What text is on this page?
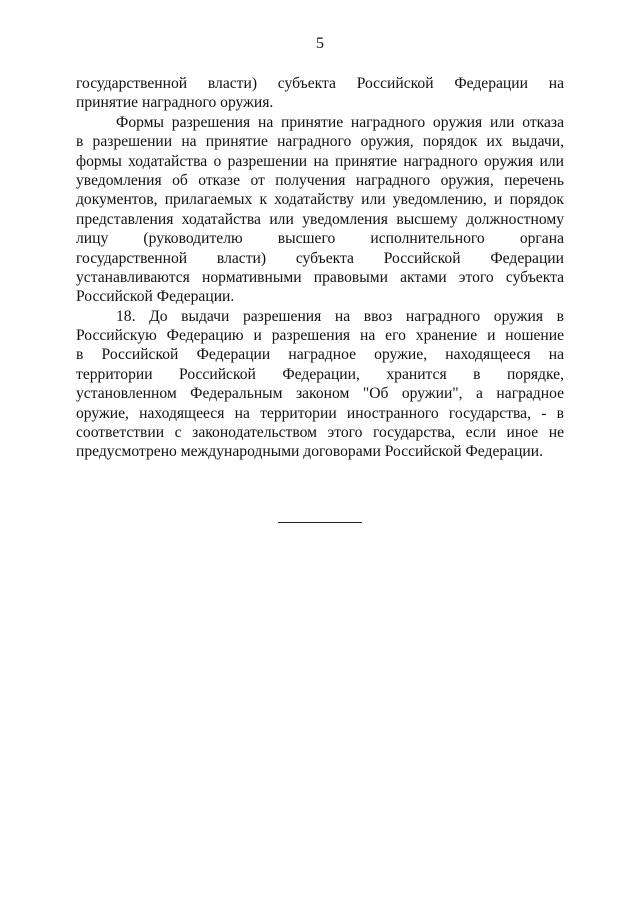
5
государственной власти) субъекта Российской Федерации на
принятие наградного оружия.
Формы разрешения на принятие наградного оружия или отказа
в разрешении на принятие наградного оружия, порядок их выдачи,
формы ходатайства о разрешении на принятие наградного оружия или
уведомления об отказе от получения наградного оружия, перечень
документов, прилагаемых к ходатайству или уведомлению, и порядок
представления ходатайства или уведомления высшему должностному
лицу (руководителю высшего исполнительного органа
государственной власти) субъекта Российской Федерации
устанавливаются нормативными правовыми актами этого субъекта
Российской Федерации.
18. До выдачи разрешения на ввоз наградного оружия в
Российскую Федерацию и разрешения на его хранение и ношение
в Российской Федерации наградное оружие, находящееся на
территории Российской Федерации, хранится в порядке,
установленном Федеральным законом "Об оружии", а наградное
оружие, находящееся на территории иностранного государства, - в
соответствии с законодательством этого государства, если иное не
предусмотрено международными договорами Российской Федерации.
